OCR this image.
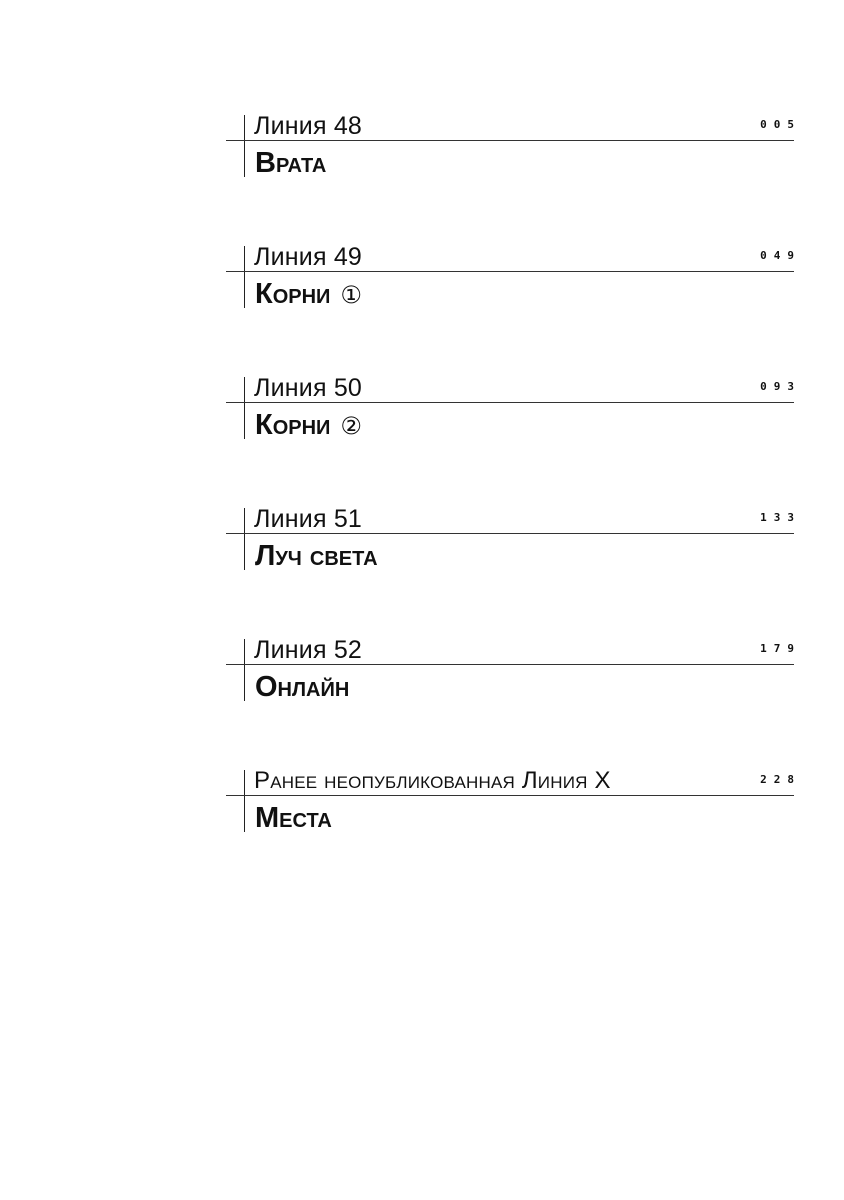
Линия 48	005
Врата
Линия 49	049
Корни ①
Линия 50	093
Корни ②
Линия 51	133
Луч света
Линия 52	179
Онлайн
Ранее неопубликованная Линия X	228
Места
